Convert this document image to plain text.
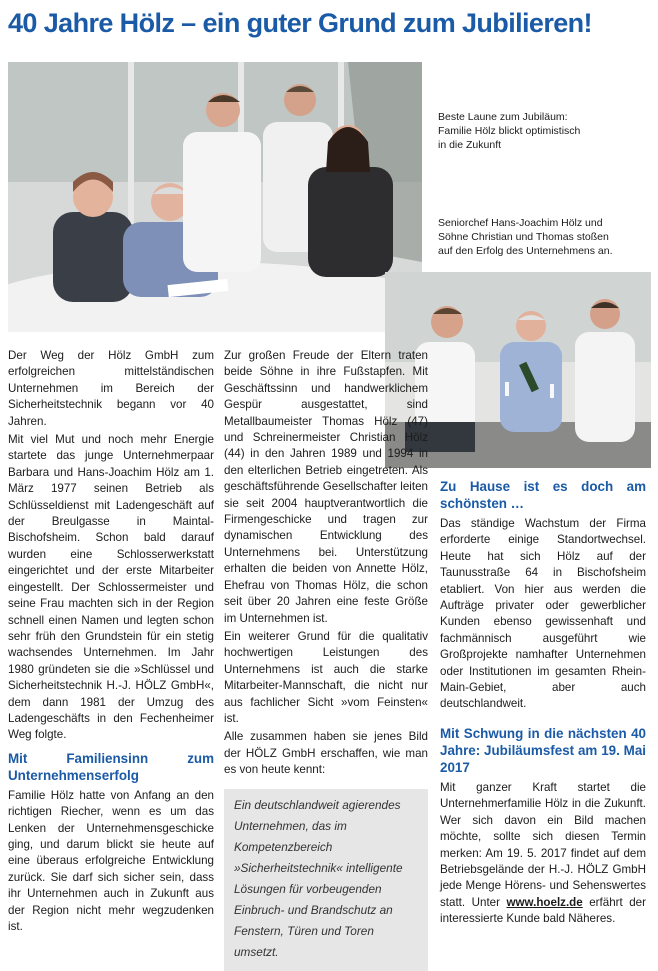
40 Jahre Hölz – ein guter Grund zum Jubilieren!
Beste Laune zum Jubiläum:
Familie Hölz blickt optimistisch
in die Zukunft
Seniorchef Hans-Joachim Hölz und
Söhne Christian und Thomas stoßen
auf den Erfolg des Unternehmens an.

Der Weg der Hölz GmbH zum erfolgreichen mittelständischen Unternehmen im Bereich der Sicherheitstechnik begann vor 40 Jahren.

Mit viel Mut und noch mehr Energie startete das junge Unternehmerpaar Barbara und Hans-Joachim Hölz am 1. März 1977 seinen Betrieb als Schlüsseldienst mit Ladengeschäft auf der Breulgasse in Maintal-Bischofsheim. Schon bald darauf wurden eine Schlosserwerkstatt eingerichtet und der erste Mitarbeiter eingestellt. Der Schlossermeister und seine Frau machten sich in der Region schnell einen Namen und legten schon sehr früh den Grundstein für ein stetig wachsendes Unternehmen. Im Jahr 1980 gründeten sie die »Schlüssel und Sicherheitstechnik H.-J. HÖLZ GmbH«, dem dann 1981 der Umzug des Ladengeschäfts in den Fechenheimer Weg folgte.

Mit Familiensinn zum Unternehmenserfolg

Familie Hölz hatte von Anfang an den richtigen Riecher, wenn es um das Lenken der Unternehmensgeschicke ging, und darum blickt sie heute auf eine überaus erfolgreiche Entwicklung zurück. Sie darf sich sicher sein, dass ihr Unternehmen auch in Zukunft aus der Region nicht mehr wegzudenken ist.

Zur großen Freude der Eltern traten beide Söhne in ihre Fußstapfen. Mit Geschäftssinn und handwerklichem Gespür ausgestattet, sind Metallbaumeister Thomas Hölz (47) und Schreinermeister Christian Hölz (44) in den Jahren 1989 und 1994 in den elterlichen Betrieb eingetreten. Als geschäftsführende Gesellschafter leiten sie seit 2004 hauptverantwortlich die Firmengeschicke und tragen zur dynamischen Entwicklung des Unternehmens bei. Unterstützung erhalten die beiden von Annette Hölz, Ehefrau von Thomas Hölz, die schon seit über 20 Jahren eine feste Größe im Unternehmen ist.

Ein weiterer Grund für die qualitativ hochwertigen Leistungen des Unternehmens ist auch die starke Mitarbeiter-Mannschaft, die nicht nur aus fachlicher Sicht »vom Feinsten« ist.

Alle zusammen haben sie jenes Bild der HÖLZ GmbH erschaffen, wie man es von heute kennt:

Ein deutschlandweit agierendes Unternehmen, das im Kompetenzbereich »Sicherheitstechnik« intelligente Lösungen für vorbeugenden Einbruch- und Brandschutz an Fenstern, Türen und Toren umsetzt.
Zu Hause ist es doch am schönsten …

Das ständige Wachstum der Firma erforderte einige Standortwechsel. Heute hat sich Hölz auf der Taunusstraße 64 in Bischofsheim etabliert. Von hier aus werden die Aufträge privater oder gewerblicher Kunden ebenso gewissenhaft und fachmännisch ausgeführt wie Großprojekte namhafter Unternehmen oder Institutionen im gesamten Rhein-Main-Gebiet, aber auch deutschlandweit.

Mit Schwung in die nächsten 40 Jahre: Jubiläumsfest am 19. Mai 2017

Mit ganzer Kraft startet die Unternehmerfamilie Hölz in die Zukunft. Wer sich davon ein Bild machen möchte, sollte sich diesen Termin merken: Am 19. 5. 2017 findet auf dem Betriebsgelände der H.-J. HÖLZ GmbH jede Menge Hörens- und Sehenswertes statt. Unter www.hoelz.de erfährt der interessierte Kunde bald Näheres.
